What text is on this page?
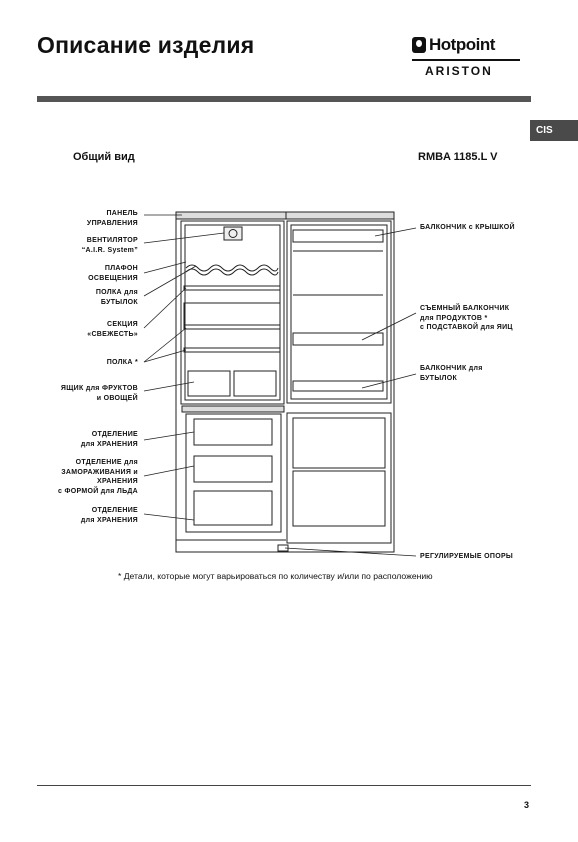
Описание изделия	Hotpoint
ARISTON
CIS
Общий вид	RMBA 1185.L V
ПАНЕЛЬ
УПРАВЛЕНИЯ
ВЕНТИЛЯТОР
“A.I.R. System”
ПЛАФОН
ОСВЕЩЕНИЯ
ПОЛКА для
БУТЫЛОК
СЕКЦИЯ
«СВЕЖЕСТЬ»
ПОЛКА *
ЯЩИК для ФРУКТОВ
и ОВОЩЕЙ
ОТДЕЛЕНИЕ
для ХРАНЕНИЯ
ОТДЕЛЕНИЕ для
ЗАМОРАЖИВАНИЯ и
ХРАНЕНИЯ
с ФОРМОЙ для ЛЬДА
ОТДЕЛЕНИЕ
для ХРАНЕНИЯ
БАЛКОНЧИК с КРЫШКОЙ
СЪЕМНЫЙ БАЛКОНЧИК
для ПРОДУКТОВ *
с ПОДСТАВКОЙ для ЯИЦ
БАЛКОНЧИК для
БУТЫЛОК
РЕГУЛИРУЕМЫЕ ОПОРЫ
* Детали, которые могут варьироваться по количеству и/или по расположению
3
